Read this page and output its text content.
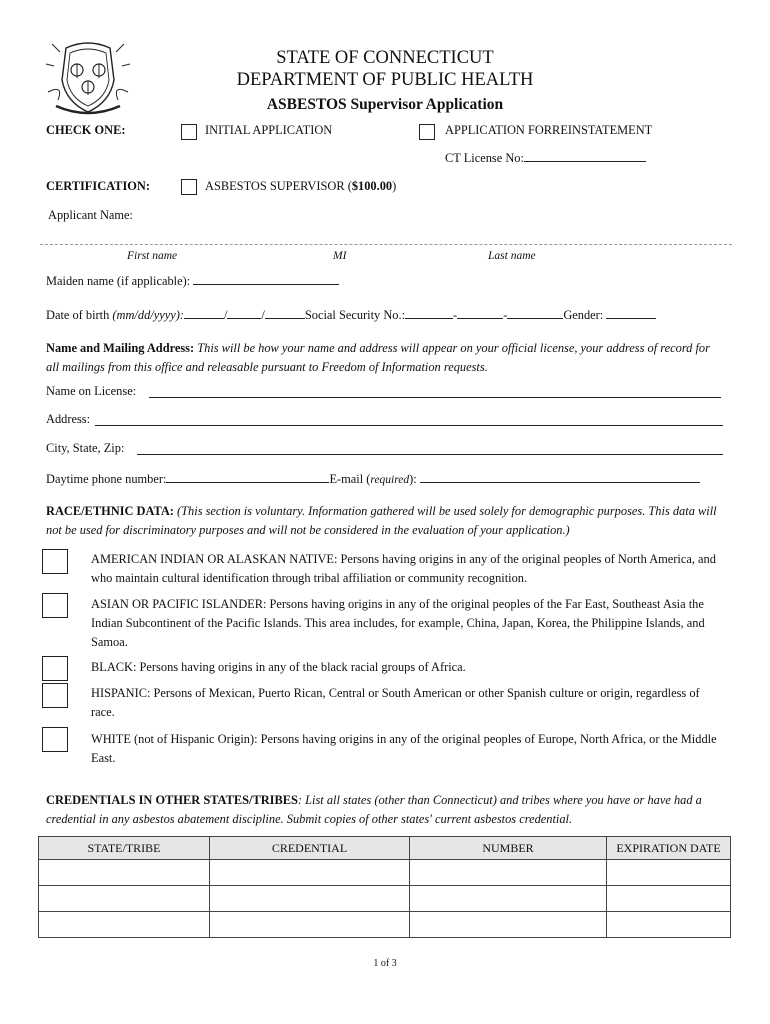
STATE OF CONNECTICUT
DEPARTMENT OF PUBLIC HEALTH
ASBESTOS Supervisor Application
CHECK ONE:	INITIAL APPLICATION	APPLICATION FORREINSTATEMENT
CT License No:
CERTIFICATION:	ASBESTOS SUPERVISOR ($100.00)
Applicant Name:
First name	MI	Last name
Maiden name (if applicable):
Date of birth (mm/dd/yyyy):	/	/	Social Security No.:	-	-	Gender:
Name and Mailing Address: This will be how your name and address will appear on your official license, your address of record for all mailings from this office and releasable pursuant to Freedom of Information requests.
Name on License:
Address:
City, State, Zip:
Daytime phone number:	E-mail (required):
RACE/ETHNIC DATA: (This section is voluntary. Information gathered will be used solely for demographic purposes. This data will not be used for discriminatory purposes and will not be considered in the evaluation of your application.)
AMERICAN INDIAN OR ALASKAN NATIVE: Persons having origins in any of the original peoples of North America, and who maintain cultural identification through tribal affiliation or community recognition.
ASIAN OR PACIFIC ISLANDER: Persons having origins in any of the original peoples of the Far East, Southeast Asia the Indian Subcontinent of the Pacific Islands. This area includes, for example, China, Japan, Korea, the Philippine Islands, and Samoa.
BLACK: Persons having origins in any of the black racial groups of Africa.
HISPANIC: Persons of Mexican, Puerto Rican, Central or South American or other Spanish culture or origin, regardless of race.
WHITE (not of Hispanic Origin): Persons having origins in any of the original peoples of Europe, North Africa, or the Middle East.
CREDENTIALS IN OTHER STATES/TRIBES: List all states (other than Connecticut) and tribes where you have or have had a credential in any asbestos abatement discipline. Submit copies of other states' current asbestos credential.
STATE/TRIBE	CREDENTIAL	NUMBER	EXPIRATION DATE

1 of 3
